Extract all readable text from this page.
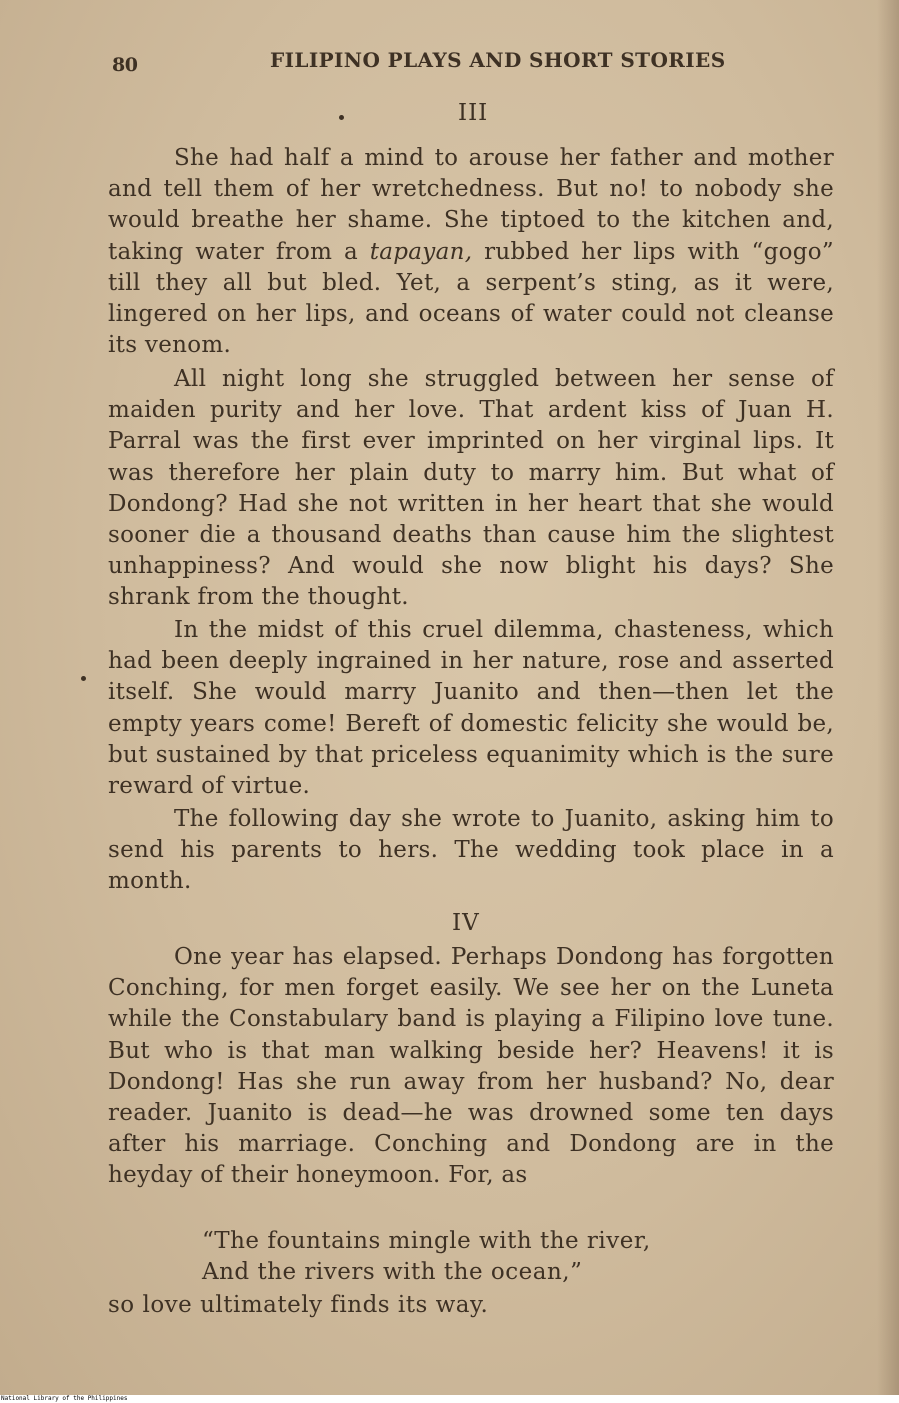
80	FILIPINO PLAYS AND SHORT STORIES
III

She had half a mind to arouse her father and mother and tell them of her wretchedness. But no! to nobody she would breathe her shame. She tiptoed to the kitchen and, taking water from a tapayan, rubbed her lips with “gogo” till they all but bled. Yet, a serpent’s sting, as it were, lingered on her lips, and oceans of water could not cleanse its venom.

All night long she struggled between her sense of maiden purity and her love. That ardent kiss of Juan H. Parral was the first ever imprinted on her virginal lips. It was therefore her plain duty to marry him. But what of Dondong? Had she not written in her heart that she would sooner die a thousand deaths than cause him the slightest unhappiness? And would she now blight his days? She shrank from the thought.

In the midst of this cruel dilemma, chasteness, which had been deeply ingrained in her nature, rose and asserted itself. She would marry Juanito and then—then let the empty years come! Bereft of domestic felicity she would be, but sustained by that priceless equanimity which is the sure reward of virtue.

The following day she wrote to Juanito, asking him to send his parents to hers. The wedding took place in a month.

IV

One year has elapsed. Perhaps Dondong has forgotten Conching, for men forget easily. We see her on the Luneta while the Constabulary band is playing a Filipino love tune. But who is that man walking beside her? Heavens! it is Dondong! Has she run away from her husband? No, dear reader. Juanito is dead—he was drowned some ten days after his marriage. Conching and Dondong are in the heyday of their honeymoon. For, as

“The fountains mingle with the river,
And the rivers with the ocean,”
so love ultimately finds its way.
National Library of the Philippines
